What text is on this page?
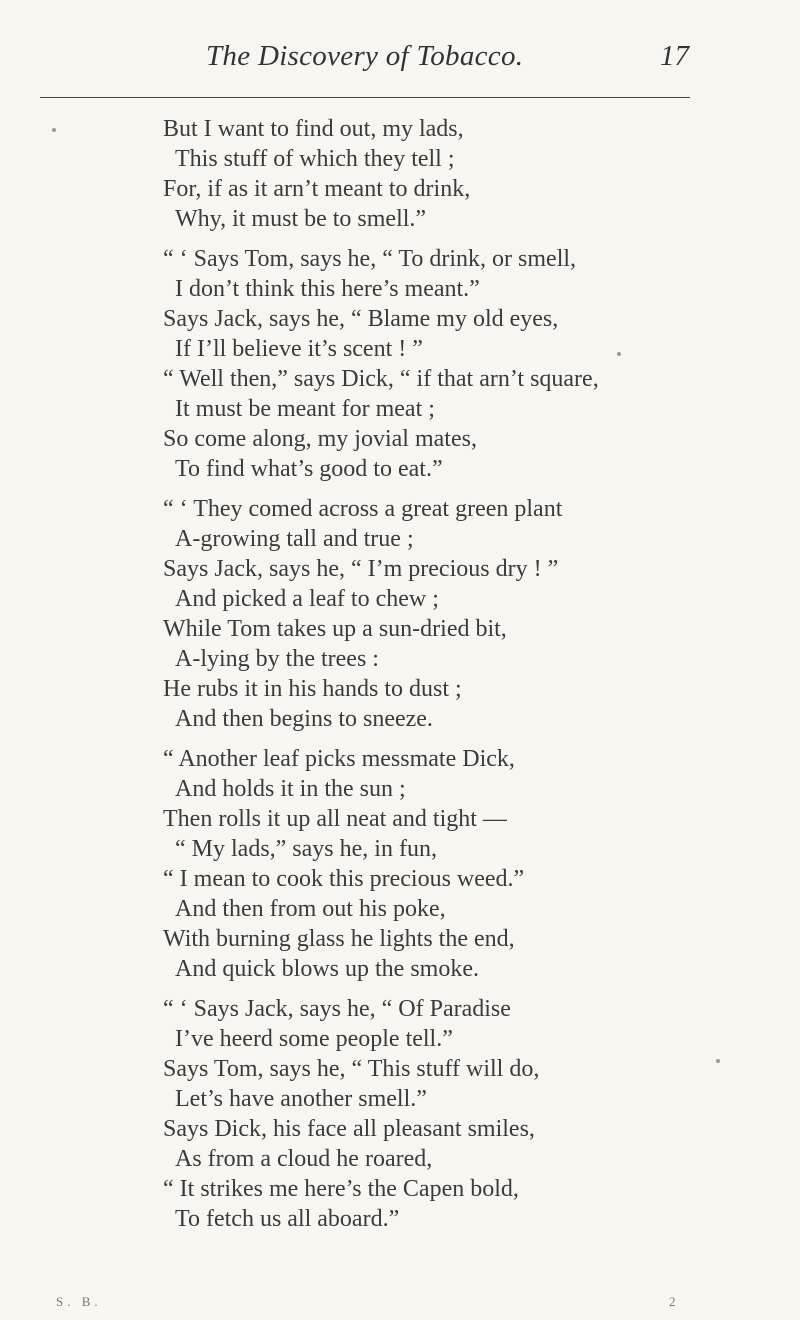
The Discovery of Tobacco.	17
But I want to find out, my lads,
This stuff of which they tell ;
For, if as it arn’t meant to drink,
Why, it must be to smell.”
“ ‘ Says Tom, says he, “ To drink, or smell,
I don’t think this here’s meant.”
Says Jack, says he, “ Blame my old eyes,
If I’ll believe it’s scent ! ”
“ Well then,” says Dick, “ if that arn’t square,
It must be meant for meat ;
So come along, my jovial mates,
To find what’s good to eat.”
“ ‘ They comed across a great green plant
A-growing tall and true ;
Says Jack, says he, “ I’m precious dry ! ”
And picked a leaf to chew ;
While Tom takes up a sun-dried bit,
A-lying by the trees :
He rubs it in his hands to dust ;
And then begins to sneeze.
“ Another leaf picks messmate Dick,
And holds it in the sun ;
Then rolls it up all neat and tight —
“ My lads,” says he, in fun,
“ I mean to cook this precious weed.”
And then from out his poke,
With burning glass he lights the end,
And quick blows up the smoke.
“ ‘ Says Jack, says he, “ Of Paradise
I’ve heerd some people tell.”
Says Tom, says he, “ This stuff will do,
Let’s have another smell.”
Says Dick, his face all pleasant smiles,
As from a cloud he roared,
“ It strikes me here’s the Capen bold,
To fetch us all aboard.”
S. B.	2
